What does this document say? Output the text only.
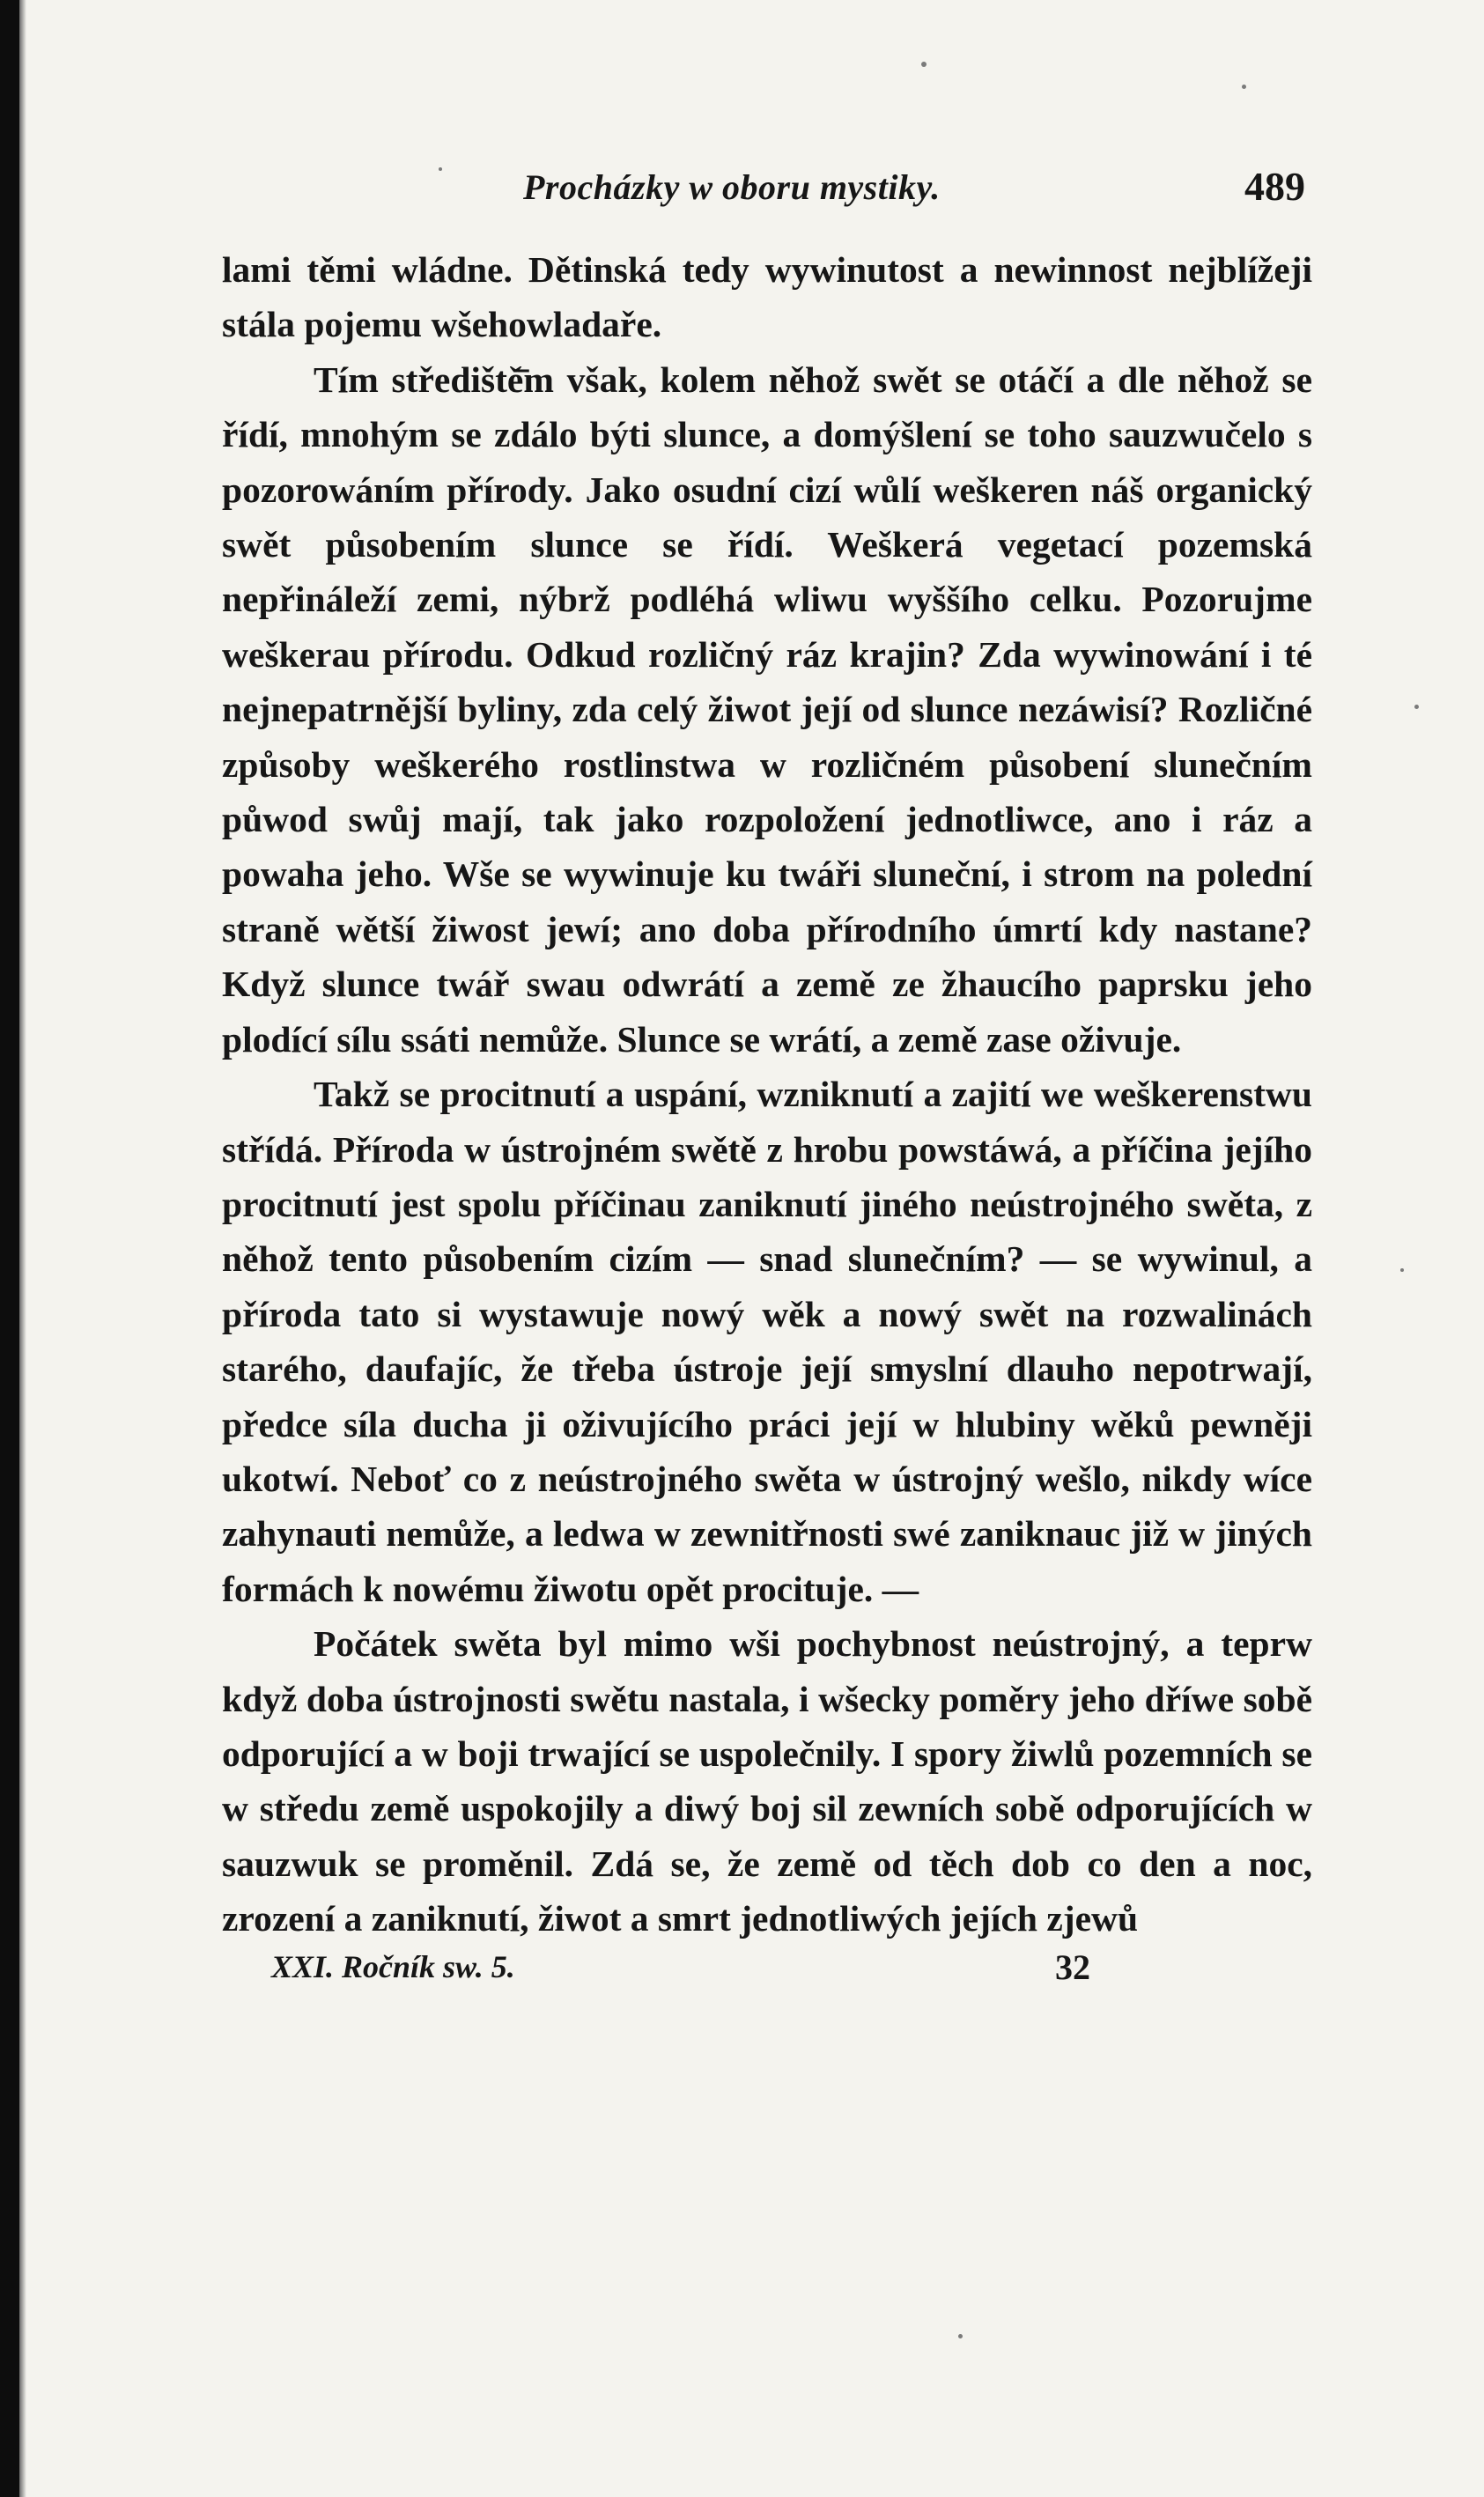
Procházky w oboru mystiky.	489

lami těmi wládne. Dětinská tedy wywinutost a newinnost nejblížeji stála pojemu wšehowladaře.

Tím střediště̄m však, kolem něhož swět se otáčí a dle něhož se řídí, mnohým se zdálo býti slunce, a domýšlení se toho sauzwučelo s pozorowáním přírody. Jako osudní cizí wůlí weškeren náš organický swět působením slunce se řídí. Weškerá vegetací pozemská nepřináleží zemi, nýbrž podléhá wliwu wyššího celku. Pozorujme weškerau přírodu. Odkud rozličný ráz krajin? Zda wywinowání i té nejnepatrnější byliny, zda celý žiwot její od slunce nezáwisí? Rozličné způsoby weškerého rostlinstwa w rozličném působení slunečním půwod swůj mají, tak jako rozpoložení jednotliwce, ano i ráz a powaha jeho. Wše se wywinuje ku twáři sluneční, i strom na polední straně wětší žiwost jewí; ano doba přírodního úmrtí kdy nastane? Když slunce twář swau odwrátí a země ze žhaucího paprsku jeho plodící sílu ssáti nemůže. Slunce se wrátí, a země zase oživuje.

Takž se procitnutí a uspání, wzniknutí a zajití we weškerenstwu střídá. Příroda w ústrojném swětě z hrobu powstáwá, a příčina jejího procitnutí jest spolu příčinau zaniknutí jiného neústrojného swěta, z něhož tento působením cizím — snad slunečním? — se wywinul, a příroda tato si wystawuje nowý wěk a nowý swět na rozwalinách starého, daufajíc, že třeba ústroje její smyslní dlauho nepotrwají, předce síla ducha ji oživujícího práci její w hlubiny wěků pewněji ukotwí. Neboť co z neústrojného swěta w ústrojný wešlo, nikdy wíce zahynauti nemůže, a ledwa w zewnitřnosti swé zaniknauc již w jiných formách k nowému žiwotu opět procituje. —

Počátek swěta byl mimo wši pochybnost neústrojný, a teprw když doba ústrojnosti swětu nastala, i wšecky poměry jeho dříwe sobě odporující a w boji trwající se uspolečnily. I spory žiwlů pozemních se w středu země uspokojily a diwý boj sil zewních sobě odporujících w sauzwuk se proměnil. Zdá se, že země od těch dob co den a noc, zrození a zaniknutí, žiwot a smrt jednotliwých jejích zjewů

XXI. Ročník sw. 5.	32
